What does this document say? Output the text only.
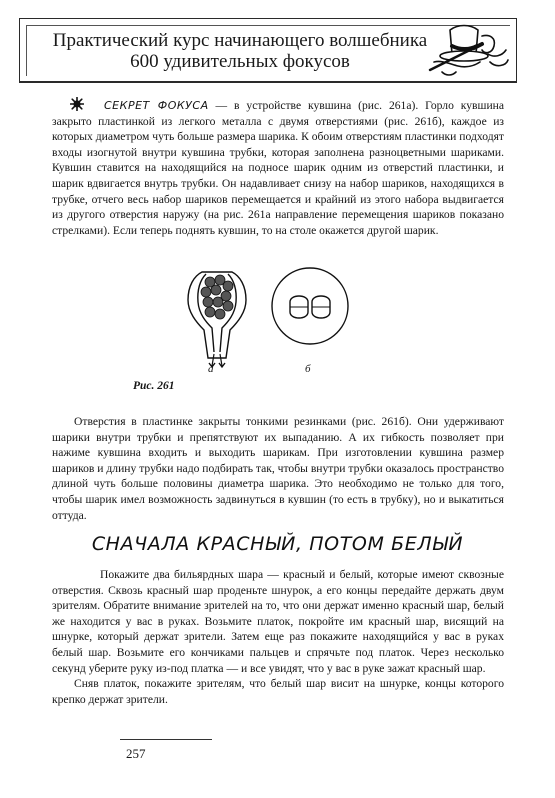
Практический курс начинающего волшебника
600 удивительных фокусов

СЕКРЕТ ФОКУСА — в устройстве кувшина (рис. 261а). Горло кувшина закрыто пластинкой из легкого металла с двумя отверстиями (рис. 261б), каждое из которых диаметром чуть больше размера шарика. К обоим отверстиям пластинки подходят входы изогнутой внутри кувшина трубки, которая заполнена разноцветными шариками. Кувшин ставится на находящийся на подносе шарик одним из отверстий пластинки, и шарик вдвигается внутрь трубки. Он надавливает снизу на набор шариков, находящихся в трубке, отчего весь набор шариков перемещается и крайний из этого набора выдвигается из другого отверстия наружу (на рис. 261а направление перемещения шариков показано стрелками). Если теперь поднять кувшин, то на столе окажется другой шарик.

а	б
Рис. 261

Отверстия в пластинке закрыты тонкими резинками (рис. 261б). Они удерживают шарики внутри трубки и препятствуют их выпаданию. А их гибкость позволяет при нажиме кувшина входить и выходить шарикам. При изготовлении кувшина размер шариков и длину трубки надо подбирать так, чтобы внутри трубки оказалось пространство длиной чуть больше половины диаметра шарика. Это необходимо не только для того, чтобы шарик имел возможность задвинуться в кувшин (то есть в трубку), но и выкатиться оттуда.

СНАЧАЛА КРАСНЫЙ, ПОТОМ БЕЛЫЙ

Покажите два бильярдных шара — красный и белый, которые имеют сквозные отверстия. Сквозь красный шар проденьте шнурок, а его концы передайте держать двум зрителям. Обратите внимание зрителей на то, что они держат именно красный шар, белый же находится у вас в руках. Возьмите платок, покройте им красный шар, висящий на шнурке, который держат зрители. Затем еще раз покажите находящийся у вас в руках белый шар. Возьмите его кончиками пальцев и спрячьте под платок. Через несколько секунд уберите руку из-под платка — и все увидят, что у вас в руке зажат красный шар.

Сняв платок, покажите зрителям, что белый шар висит на шнурке, концы которого крепко держат зрители.

257
